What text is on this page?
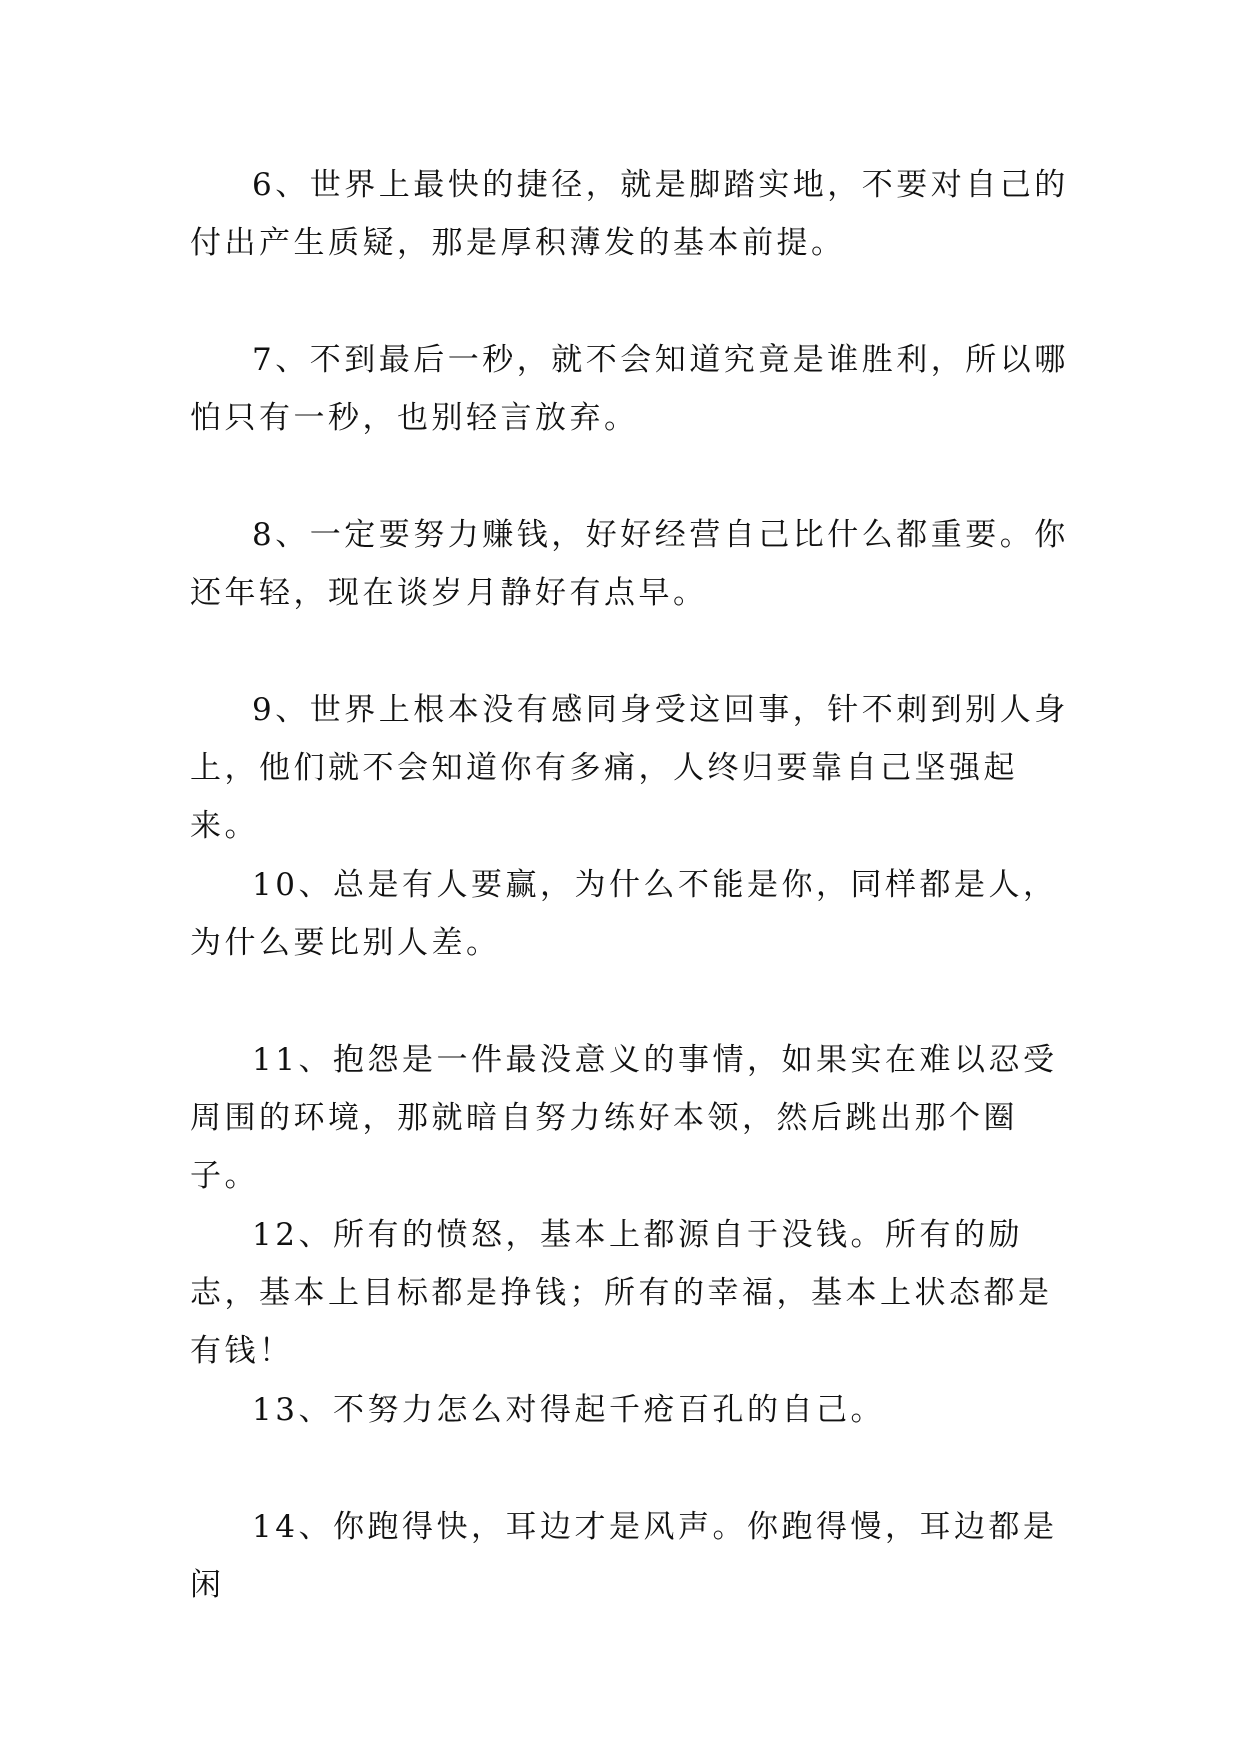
6、世界上最快的捷径，就是脚踏实地，不要对自己的付出产生质疑，那是厚积薄发的基本前提。

7、不到最后一秒，就不会知道究竟是谁胜利，所以哪怕只有一秒，也别轻言放弃。

8、一定要努力赚钱，好好经营自己比什么都重要。你还年轻，现在谈岁月静好有点早。

9、世界上根本没有感同身受这回事，针不刺到别人身上，他们就不会知道你有多痛，人终归要靠自己坚强起来。

10、总是有人要赢，为什么不能是你，同样都是人，为什么要比别人差。

11、抱怨是一件最没意义的事情，如果实在难以忍受周围的环境，那就暗自努力练好本领，然后跳出那个圈子。

12、所有的愤怒，基本上都源自于没钱。所有的励志，基本上目标都是挣钱；所有的幸福，基本上状态都是有钱！

13、不努力怎么对得起千疮百孔的自己。

14、你跑得快，耳边才是风声。你跑得慢，耳边都是闲
